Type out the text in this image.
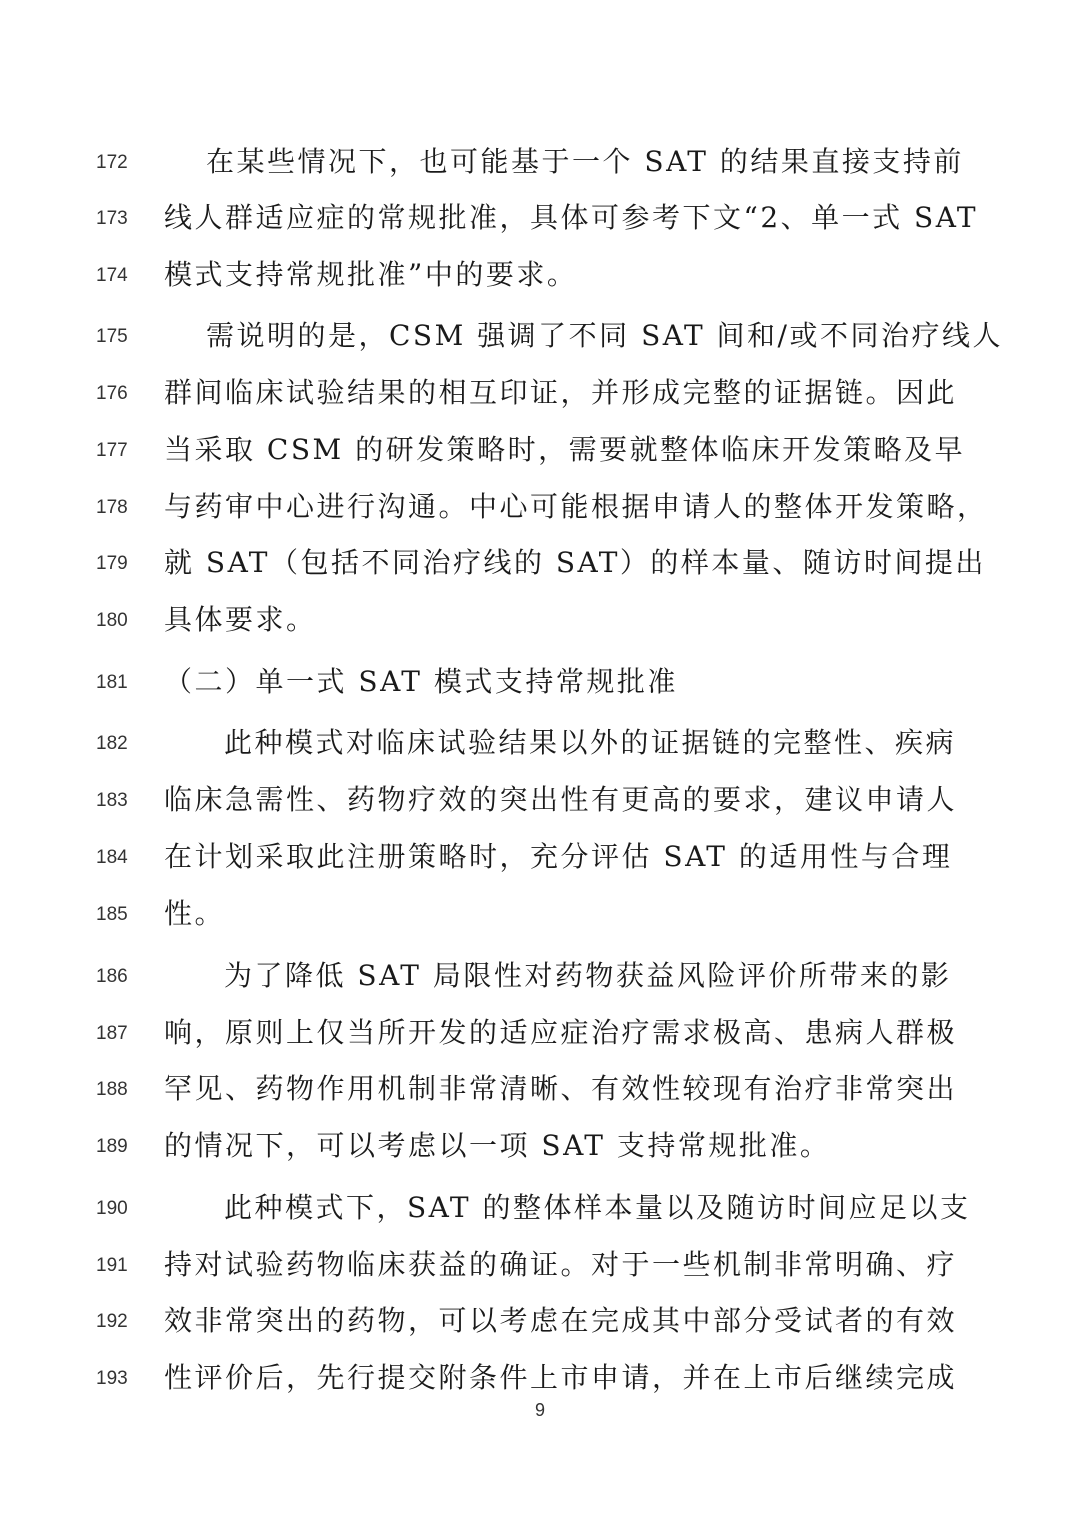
172	在某些情况下，也可能基于一个 SAT 的结果直接支持前
173 线人群适应症的常规批准，具体可参考下文“2、单一式 SAT
174 模式支持常规批准”中的要求。
175	需说明的是，CSM 强调了不同 SAT 间和/或不同治疗线人
176 群间临床试验结果的相互印证，并形成完整的证据链。因此
177 当采取 CSM 的研发策略时，需要就整体临床开发策略及早
178 与药审中心进行沟通。中心可能根据申请人的整体开发策略，
179 就 SAT（包括不同治疗线的 SAT）的样本量、随访时间提出
180 具体要求。
181 （二）单一式 SAT 模式支持常规批准
182	此种模式对临床试验结果以外的证据链的完整性、疾病
183 临床急需性、药物疗效的突出性有更高的要求，建议申请人
184 在计划采取此注册策略时，充分评估 SAT 的适用性与合理
185 性。
186	为了降低 SAT 局限性对药物获益风险评价所带来的影
187 响，原则上仅当所开发的适应症治疗需求极高、患病人群极
188 罕见、药物作用机制非常清晰、有效性较现有治疗非常突出
189 的情况下，可以考虑以一项 SAT 支持常规批准。
190	此种模式下，SAT 的整体样本量以及随访时间应足以支
191 持对试验药物临床获益的确证。对于一些机制非常明确、疗
192 效非常突出的药物，可以考虑在完成其中部分受试者的有效
193 性评价后，先行提交附条件上市申请，并在上市后继续完成
9
